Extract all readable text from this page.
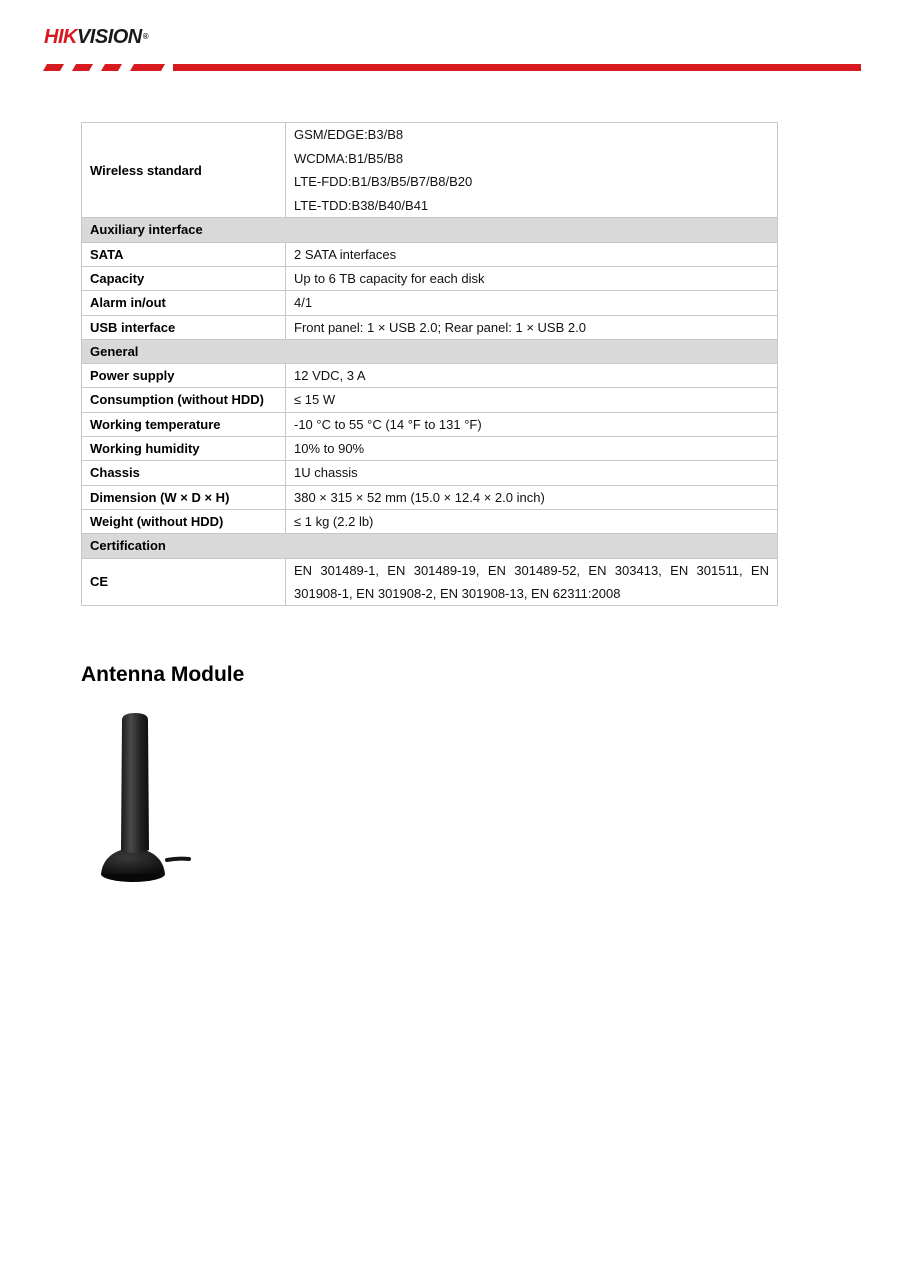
HIKVISION®
Wireless standard	GSM/EDGE:B3/B8
WCDMA:B1/B5/B8
LTE-FDD:B1/B3/B5/B7/B8/B20
LTE-TDD:B38/B40/B41

Auxiliary interface	
SATA	2 SATA interfaces
Capacity	Up to 6 TB capacity for each disk
Alarm in/out	4/1
USB interface	Front panel: 1 × USB 2.0; Rear panel: 1 × USB 2.0
General	
Power supply	12 VDC, 3 A
Consumption (without HDD)	≤ 15 W
Working temperature	-10 °C to 55 °C (14 °F to 131 °F)
Working humidity	10% to 90%
Chassis	1U chassis
Dimension (W × D × H)	380 × 315 × 52 mm (15.0 × 12.4 × 2.0 inch)
Weight (without HDD)	≤ 1 kg (2.2 lb)
Certification	
CE	EN 301489-1, EN 301489-19, EN 301489-52, EN 303413, EN 301511, EN 301908-1, EN 301908-2, EN 301908-13, EN 62311:2008
Antenna Module
